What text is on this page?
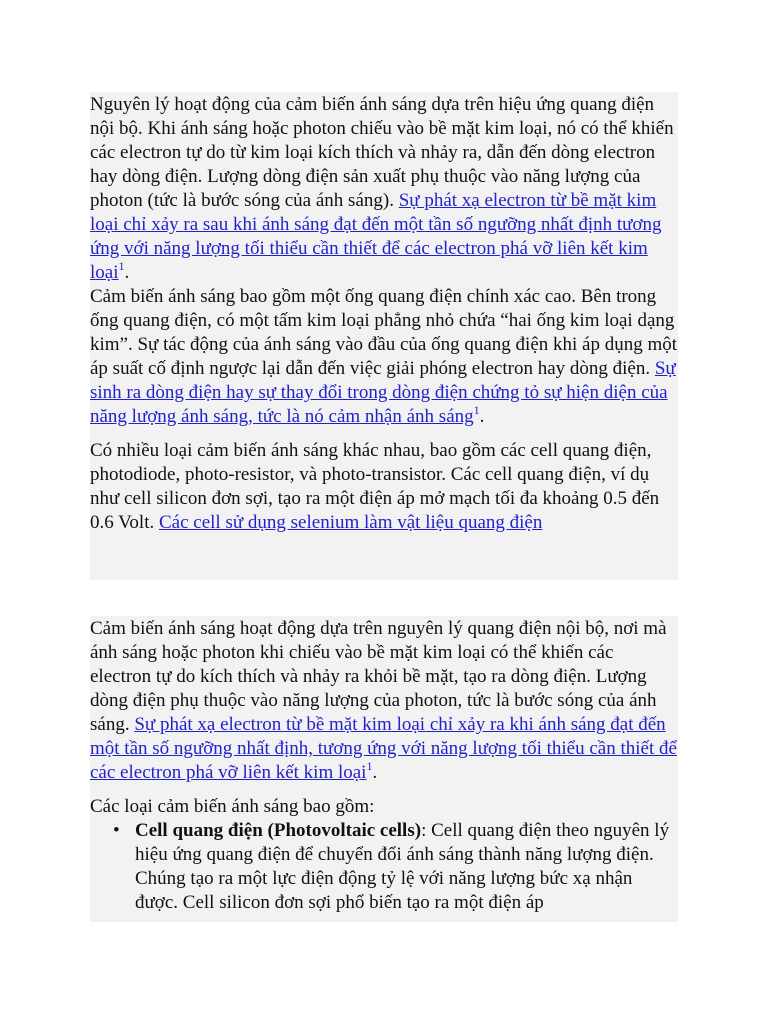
Nguyên lý hoạt động của cảm biến ánh sáng dựa trên hiệu ứng quang điện nội bộ. Khi ánh sáng hoặc photon chiếu vào bề mặt kim loại, nó có thể khiến các electron tự do từ kim loại kích thích và nhảy ra, dẫn đến dòng electron hay dòng điện. Lượng dòng điện sản xuất phụ thuộc vào năng lượng của photon (tức là bước sóng của ánh sáng). Sự phát xạ electron từ bề mặt kim loại chỉ xảy ra sau khi ánh sáng đạt đến một tần số ngưỡng nhất định tương ứng với năng lượng tối thiểu cần thiết để các electron phá vỡ liên kết kim loại$^1$.

Cảm biến ánh sáng bao gồm một ống quang điện chính xác cao. Bên trong ống quang điện, có một tấm kim loại phẳng nhỏ chứa “hai ống kim loại dạng kim”. Sự tác động của ánh sáng vào đầu của ống quang điện khi áp dụng một áp suất cố định ngược lại dẫn đến việc giải phóng electron hay dòng điện. Sự sinh ra dòng điện hay sự thay đổi trong dòng điện chứng tỏ sự hiện diện của năng lượng ánh sáng, tức là nó cảm nhận ánh sáng$^1$.

Có nhiều loại cảm biến ánh sáng khác nhau, bao gồm các cell quang điện, photodiode, photo-resistor, và photo-transistor. Các cell quang điện, ví dụ như cell silicon đơn sợi, tạo ra một điện áp mở mạch tối đa khoảng 0.5 đến 0.6 Volt. Các cell sử dụng selenium làm vật liệu quang điện

Cảm biến ánh sáng hoạt động dựa trên nguyên lý quang điện nội bộ, nơi mà ánh sáng hoặc photon khi chiếu vào bề mặt kim loại có thể khiến các electron tự do kích thích và nhảy ra khỏi bề mặt, tạo ra dòng điện. Lượng dòng điện phụ thuộc vào năng lượng của photon, tức là bước sóng của ánh sáng. Sự phát xạ electron từ bề mặt kim loại chỉ xảy ra khi ánh sáng đạt đến một tần số ngưỡng nhất định, tương ứng với năng lượng tối thiểu cần thiết để các electron phá vỡ liên kết kim loại$^1$.

Các loại cảm biến ánh sáng bao gồm:

• Cell quang điện (Photovoltaic cells): Cell quang điện theo nguyên lý hiệu ứng quang điện để chuyển đổi ánh sáng thành năng lượng điện. Chúng tạo ra một lực điện động tỷ lệ với năng lượng bức xạ nhận được. Cell silicon đơn sợi phổ biến tạo ra một điện áp
